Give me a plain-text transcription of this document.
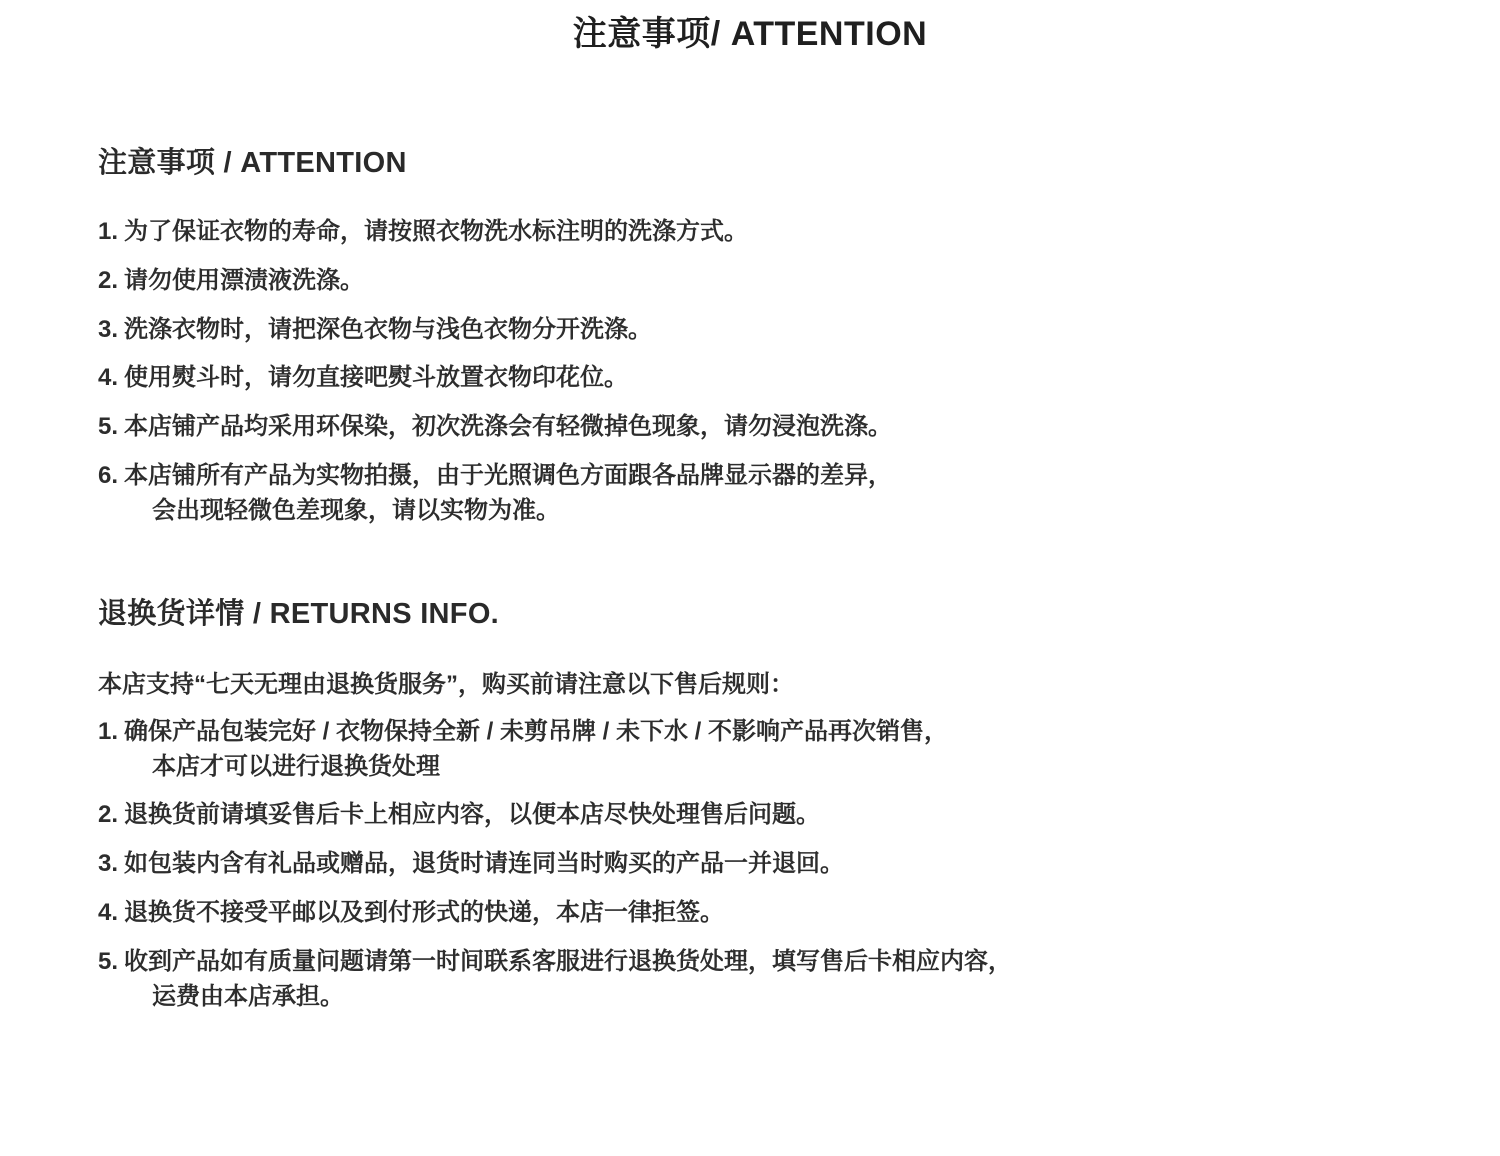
注意事项/ ATTENTION
注意事项 / ATTENTION
1. 为了保证衣物的寿命，请按照衣物洗水标注明的洗涤方式。
2. 请勿使用漂渍液洗涤。
3. 洗涤衣物时，请把深色衣物与浅色衣物分开洗涤。
4. 使用熨斗时，请勿直接吧熨斗放置衣物印花位。
5. 本店铺产品均采用环保染，初次洗涤会有轻微掉色现象，请勿浸泡洗涤。
6. 本店铺所有产品为实物拍摄，由于光照调色方面跟各品牌显示器的差异，
会出现轻微色差现象，请以实物为准。
退换货详情 / RETURNS INFO.

本店支持“七天无理由退换货服务”，购买前请注意以下售后规则：

1. 确保产品包装完好 / 衣物保持全新 / 未剪吊牌 / 未下水 / 不影响产品再次销售，
本店才可以进行退换货处理
2. 退换货前请填妥售后卡上相应内容，以便本店尽快处理售后问题。
3. 如包装内含有礼品或赠品，退货时请连同当时购买的产品一并退回。
4. 退换货不接受平邮以及到付形式的快递，本店一律拒签。
5. 收到产品如有质量问题请第一时间联系客服进行退换货处理，填写售后卡相应内容，
运费由本店承担。
